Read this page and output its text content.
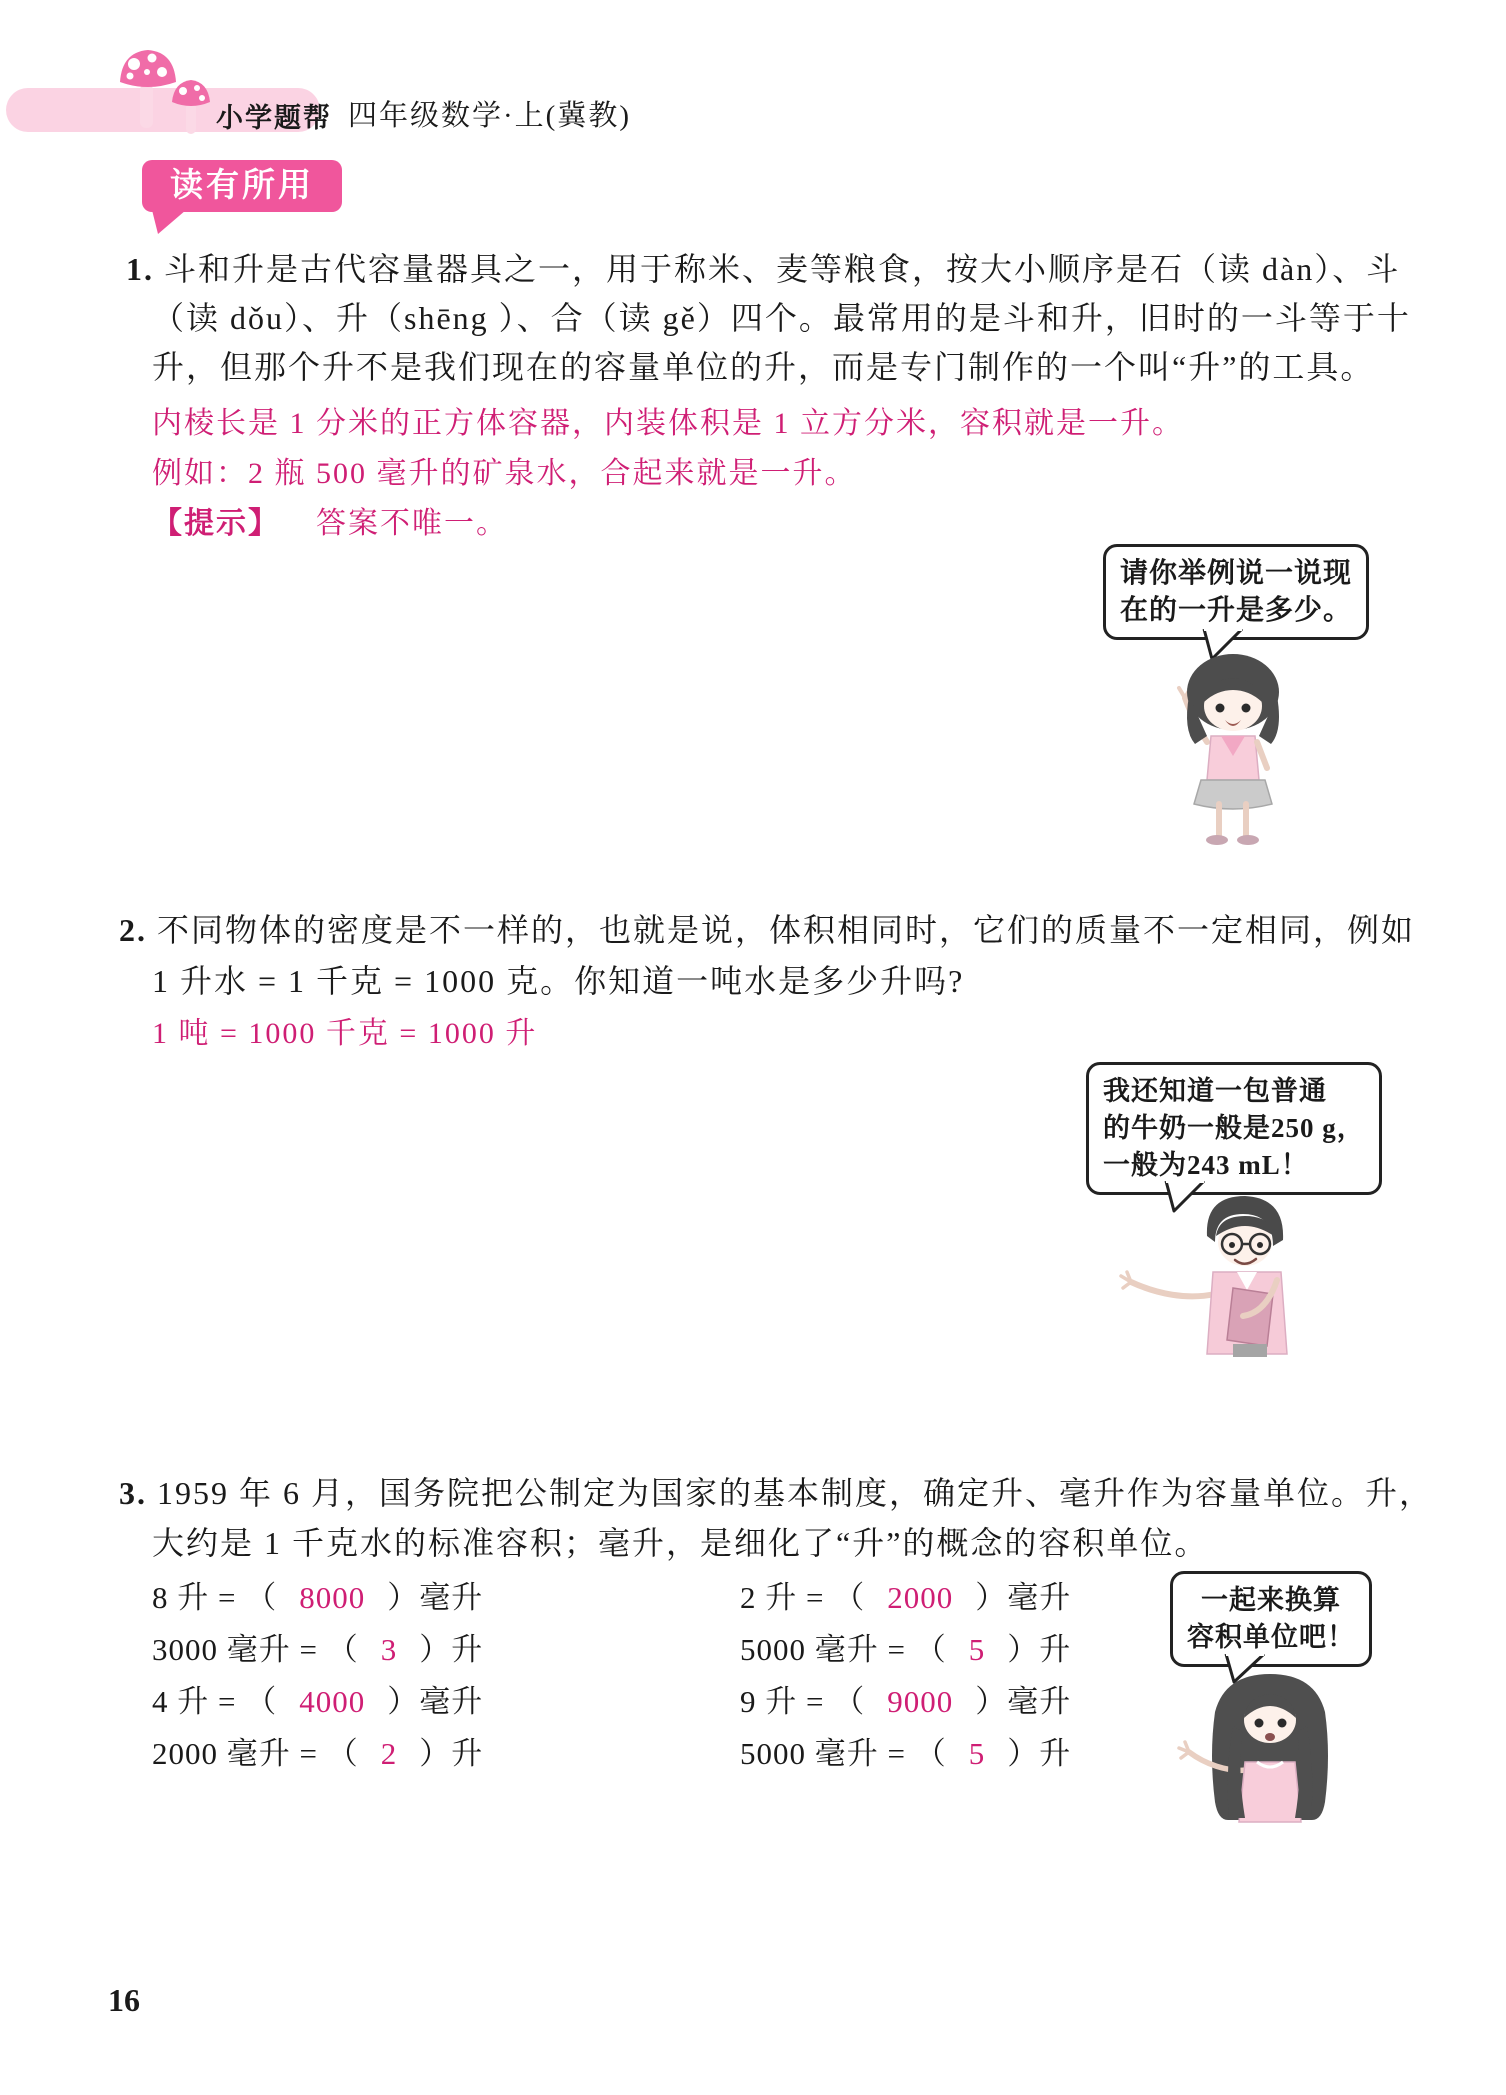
小学题帮 四年级数学·上(冀教)
读有所用
1. 斗和升是古代容量器具之一，用于称米、麦等粮食，按大小顺序是石（读 dàn）、斗
（读 dǒu）、升（shēng ）、合（读 gě）四个。最常用的是斗和升，旧时的一斗等于十
升，但那个升不是我们现在的容量单位的升，而是专门制作的一个叫“升”的工具。
内棱长是 1 分米的正方体容器，内装体积是 1 立方分米，容积就是一升。
例如：2 瓶 500 毫升的矿泉水，合起来就是一升。
【提示】 答案不唯一。
请你举例说一说现
在的一升是多少。
2. 不同物体的密度是不一样的，也就是说，体积相同时，它们的质量不一定相同，例如
1 升水 = 1 千克 = 1000 克。你知道一吨水是多少升吗?
1 吨 = 1000 千克 = 1000 升
我还知道一包普通
的牛奶一般是250 g，
一般为243 mL！
3. 1959 年 6 月，国务院把公制定为国家的基本制度，确定升、毫升作为容量单位。升，
大约是 1 千克水的标准容积；毫升，是细化了“升”的概念的容积单位。
8 升 = （ 8000 ）毫升
3000 毫升 = （ 3 ）升
4 升 = （ 4000 ）毫升
2000 毫升 = （ 2 ）升
2 升 = （ 2000 ）毫升
5000 毫升 = （ 5 ）升
9 升 = （ 9000 ）毫升
5000 毫升 = （ 5 ）升
一起来换算
容积单位吧！
16
